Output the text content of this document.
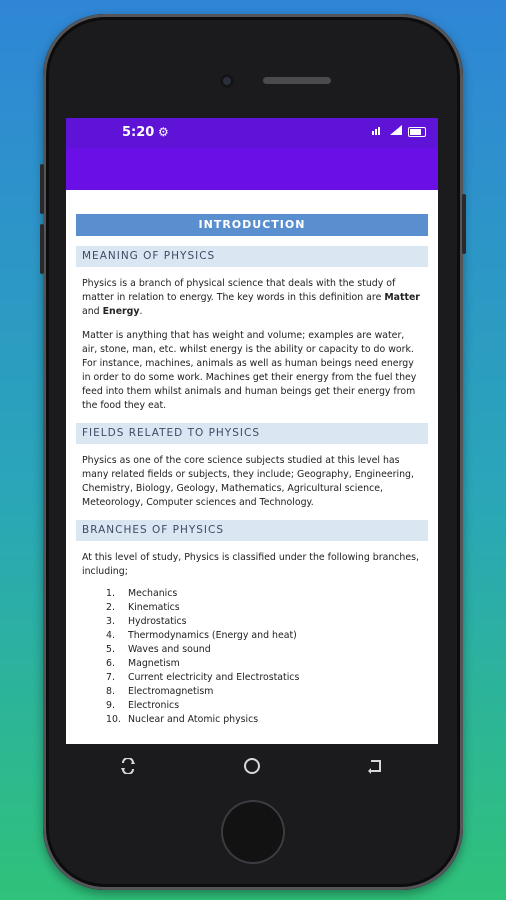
5:20 ⚙
INTRODUCTION
MEANING OF PHYSICS

Physics is a branch of physical science that deals with the study of matter in relation to energy. The key words in this definition are Matter and Energy.

Matter is anything that has weight and volume; examples are water, air, stone, man, etc. whilst energy is the ability or capacity to do work. For instance, machines, animals as well as human beings need energy in order to do some work. Machines get their energy from the fuel they feed into them whilst animals and human beings get their energy from the food they eat.

FIELDS RELATED TO PHYSICS

Physics as one of the core science subjects studied at this level has many related fields or subjects, they include; Geography, Engineering, Chemistry, Biology, Geology, Mathematics, Agricultural science, Meteorology, Computer sciences and Technology.

BRANCHES OF PHYSICS

At this level of study, Physics is classified under the following branches, including;

1.	Mechanics
2.	Kinematics
3.	Hydrostatics
4.	Thermodynamics (Energy and heat)
5.	Waves and sound
6.	Magnetism
7.	Current electricity and Electrostatics
8.	Electromagnetism
9.	Electronics
10. Nuclear and Atomic physics
